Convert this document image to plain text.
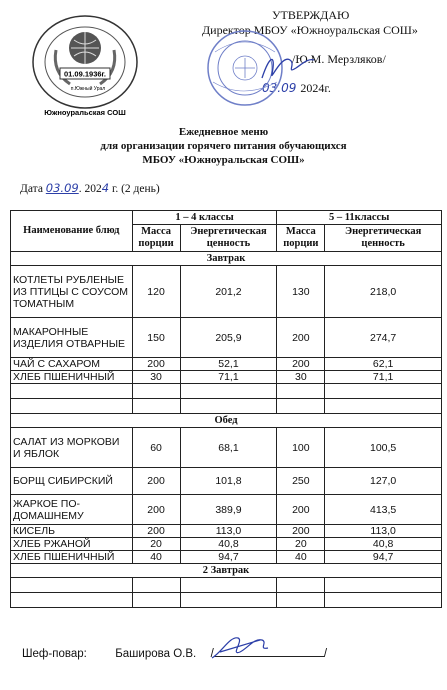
01.09.1936г.
п.Южный Урал
Южноуральская СОШ
УТВЕРЖДАЮ
Директор МБОУ «Южноуральская СОШ»
/Ю.М. Мерзляков/
03.09 2024г.
Ежедневное меню
для организации горячего питания обучающихся
МБОУ «Южноуральская СОШ»
Дата 03.09. 2024 г. (2 день)
Наименование блюд	1 – 4 классы		5 – 11классы	
	Масса порции	Энергетическая ценность	Масса порции	Энергетическая ценность
Завтрак				
КОТЛЕТЫ РУБЛЕНЫЕ ИЗ ПТИЦЫ С СОУСОМ ТОМАТНЫМ	120	201,2	130	218,0
МАКАРОННЫЕ ИЗДЕЛИЯ ОТВАРНЫЕ	150	205,9	200	274,7
ЧАЙ С САХАРОМ	200	52,1	200	62,1
ХЛЕБ ПШЕНИЧНЫЙ	30	71,1	30	71,1

Обед				
САЛАТ ИЗ МОРКОВИ И ЯБЛОК	60	68,1	100	100,5
БОРЩ СИБИРСКИЙ	200	101,8	250	127,0
ЖАРКОЕ ПО-ДОМАШНЕМУ	200	389,9	200	413,5
КИСЕЛЬ	200	113,0	200	113,0
ХЛЕБ РЖАНОЙ	20	40,8	20	40,8
ХЛЕБ ПШЕНИЧНЫЙ	40	94,7	40	94,7
2 Завтрак				

Шеф-повар: Баширова О.В. /	/
